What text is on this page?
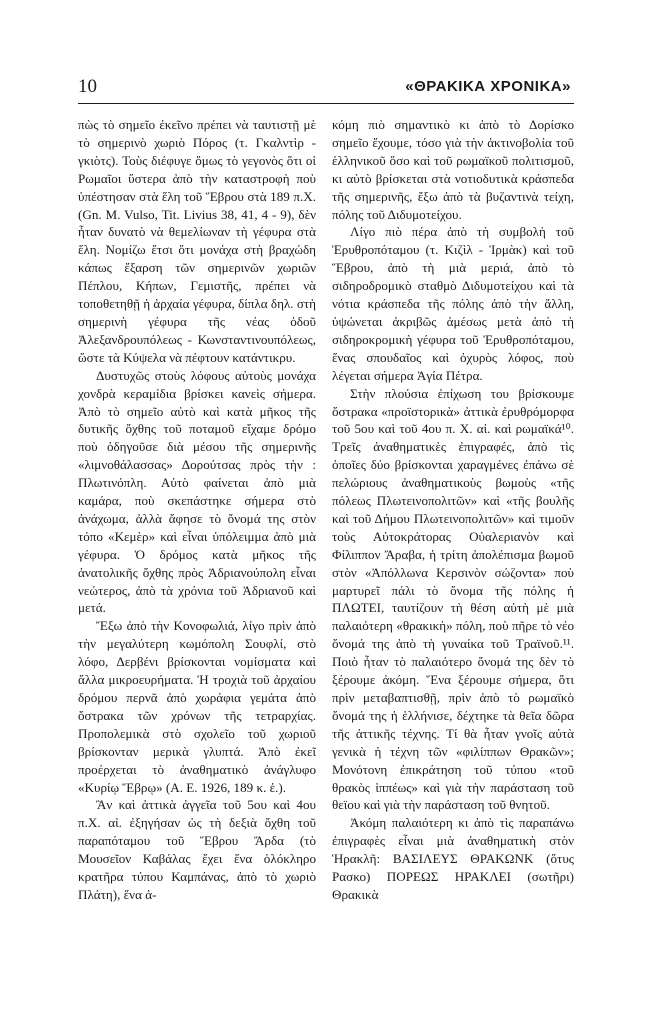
10	«ΘΡΑΚΙΚΑ ΧΡΟΝΙΚΑ»

πὼς τὸ σημεῖο ἐκεῖνο πρέπει νὰ ταυτιστῇ μὲ τὸ σημερινὸ χωριὸ Πόρος (τ. Γκαλντὶρ - γκιὸτς). Τοὺς διέφυγε ὅμως τὸ γεγονὸς ὅτι οἱ Ρωμαῖοι ὕστερα ἀπὸ τὴν καταστροφὴ ποὺ ὑπέστησαν στὰ ἕλη τοῦ Ἕβρου στὰ 189 π.Χ. (Gn. M. Vulso, Tit. Livius 38, 41, 4 - 9), δὲν ἦταν δυνατὸ νὰ θεμελίωναν τὴ γέφυρα στὰ ἕλη. Νομίζω ἔτσι ὅτι μονάχα στὴ βραχώδη κάπως ἔξαρση τῶν σημερινῶν χωριῶν Πέπλου, Κήπων, Γεμιστῆς, πρέπει νὰ τοποθετηθῇ ἡ ἀρχαία γέφυρα, δίπλα δηλ. στὴ σημερινὴ γέφυρα τῆς νέας ὁδοῦ Ἀλεξανδρουπόλεως - Κωνσταντινουπόλεως, ὥστε τὰ Κύψελα νὰ πέφτουν κατάντικρυ.

Δυστυχῶς στοὺς λόφους αὐτοὺς μονάχα χονδρὰ κεραμίδια βρίσκει κανεὶς σήμερα. Ἀπὸ τὸ σημεῖο αὐτὸ καὶ κατὰ μῆκος τῆς δυτικῆς ὄχθης τοῦ ποταμοῦ εἴχαμε δρόμο ποὺ ὁδηγοῦσε διὰ μέσου τῆς σημερινῆς «λιμνοθάλασσας» Δορούτσας πρὸς τὴν : Πλωτινόπλη. Αὐτὸ φαίνεται ἀπὸ μιὰ καμάρα, ποὺ σκεπάστηκε σήμερα στὸ ἀνάχωμα, ἀλλὰ ἄφησε τὸ ὄνομά της στὸν τόπο «Κεμὲρ» καὶ εἶναι ὑπόλειμμα ἀπὸ μιὰ γέφυρα. Ὁ δρόμος κατὰ μῆκος τῆς ἀνατολικῆς ὄχθης πρὸς Ἀδριανούπολη εἶναι νεώτερος, ἀπὸ τὰ χρόνια τοῦ Ἀδριανοῦ καὶ μετά.

Ἔξω ἀπὸ τὴν Κονοφωλιά, λίγο πρὶν ἀπὸ τὴν μεγαλύτερη κωμόπολη Σουφλί, στὸ λόφο, Δερβένι βρίσκονται νομίσματα καὶ ἄλλα μικροευρήματα. Ἡ τροχιὰ τοῦ ἀρχαίου δρόμου περνᾶ ἀπὸ χωράφια γεμάτα ἀπὸ ὄστρακα τῶν χρόνων τῆς τετραρχίας. Προπολεμικὰ στὸ σχολεῖο τοῦ χωριοῦ βρίσκονταν μερικὰ γλυπτά. Ἀπὸ ἐκεῖ προέρχεται τὸ ἀναθηματικὸ ἀνάγλυφο «Κυρίῳ Ἕβρῳ» (Α. Ε. 1926, 189 κ. ἑ.).

Ἂν καὶ ἀττικὰ ἀγγεῖα τοῦ 5ου καὶ 4ου π.Χ. αἰ. ἐξηγήσαν ὡς τὴ δεξιὰ ὄχθη τοῦ παραπόταμου τοῦ Ἕβρου Ἄρδα (τὸ Μουσεῖον Καβάλας ἔχει ἕνα ὁλόκληρο κρατῆρα τύπου Καμπάνας, ἀπὸ τὸ χωριὸ Πλάτη), ἕνα ἀ-

κόμη πιὸ σημαντικὸ κι ἀπὸ τὸ Δορίσκο σημεῖο ἔχουμε, τόσο γιὰ τὴν ἀκτινοβολία τοῦ ἑλληνικοῦ ὅσο καὶ τοῦ ρωμαϊκοῦ πολιτισμοῦ, κι αὐτὸ βρίσκεται στὰ νοτιοδυτικὰ κράσπεδα τῆς σημερινῆς, ἔξω ἀπὸ τὰ βυζαντινὰ τείχη, πόλης τοῦ Διδυμοτείχου.

Λίγο πιὸ πέρα ἀπὸ τὴ συμβολὴ τοῦ Ἐρυθροπόταμου (τ. Κιζὶλ - Ἰρμὰκ) καὶ τοῦ Ἕβρου, ἀπὸ τὴ μιὰ μεριά, ἀπὸ τὸ σιδηροδρομικὸ σταθμὸ Διδυμοτείχου καὶ τὰ νότια κράσπεδα τῆς πόλης ἀπὸ τὴν ἄλλη, ὑψώνεται ἀκριβῶς ἀμέσως μετὰ ἀπὸ τὴ σιδηροκρομικὴ γέφυρα τοῦ Ἐρυθροπόταμου, ἕνας σπουδαῖος καὶ ὀχυρὸς λόφος, ποὺ λέγεται σήμερα Ἁγία Πέτρα.

Στὴν πλούσια ἐπίχωση του βρίσκουμε ὄστρακα «προϊστορικὰ» ἀττικὰ ἐρυθρόμορφα τοῦ 5ου καὶ τοῦ 4ου π. Χ. αἰ. καὶ ρωμαϊκά¹⁰. Τρεῖς ἀναθηματικὲς ἐπιγραφές, ἀπὸ τὶς ὁποῖες δύο βρίσκονται χαραγμένες ἐπάνω σὲ πελώριους ἀναθηματικοὺς βωμοὺς «τῆς πόλεως Πλωτεινοπολιτῶν» καὶ «τῆς βουλῆς καὶ τοῦ Δήμου Πλωτεινοπολιτῶν» καὶ τιμοῦν τοὺς Αὐτοκράτορας Οὐαλεριανὸν καὶ Φίλιππον Ἄραβα, ἡ τρίτη ἀπολέπισμα βωμοῦ στὸν «Ἀπόλλωνα Κερσινὸν σώζοντα» ποὺ μαρτυρεῖ πάλι τὸ ὄνομα τῆς πόλης ἡ ΠΛΩΤΕΙ, ταυτίζουν τὴ θέση αὐτὴ μὲ μιὰ παλαιότερη «θρακικὴ» πόλη, ποὺ πῆρε τὸ νέο ὄνομά της ἀπὸ τὴ γυναίκα τοῦ Τραϊνοῦ.¹¹. Ποιὸ ἦταν τὸ παλαιότερο ὄνομά της δὲν τὸ ξέρουμε ἀκόμη. Ἕνα ξέρουμε σήμερα, ὅτι πρὶν μεταβαπτισθῇ, πρὶν ἀπὸ τὸ ρωμαϊκὸ ὄνομά της ἡ ἑλλήνισε, δέχτηκε τὰ θεῖα δῶρα τῆς ἀττικῆς τέχνης. Τί θὰ ἦταν γνοῖς αὐτὰ γενικὰ ἡ τέχνη τῶν «φιλίππων Θρακῶν»; Μονότονη ἐπικράτηση τοῦ τύπου «τοῦ θρακὸς ἱππέως» καὶ γιὰ τὴν παράσταση τοῦ θεϊου καὶ γιὰ τὴν παράσταση τοῦ θνητοῦ.

Ἀκόμη παλαιότερη κι ἀπὸ τὶς παραπάνω ἐπιγραφὲς εἶναι μιὰ ἀναθηματικὴ στὸν Ἡρακλῆ: ΒΑΣΙΛΕΥΣ ΘΡΑΚΩΝΚ (ὅτυς Ρασκο) ΠΟΡΕΩΣ ΗΡΑΚΛΕΙ (σωτῆρι) Θρακικὰ
